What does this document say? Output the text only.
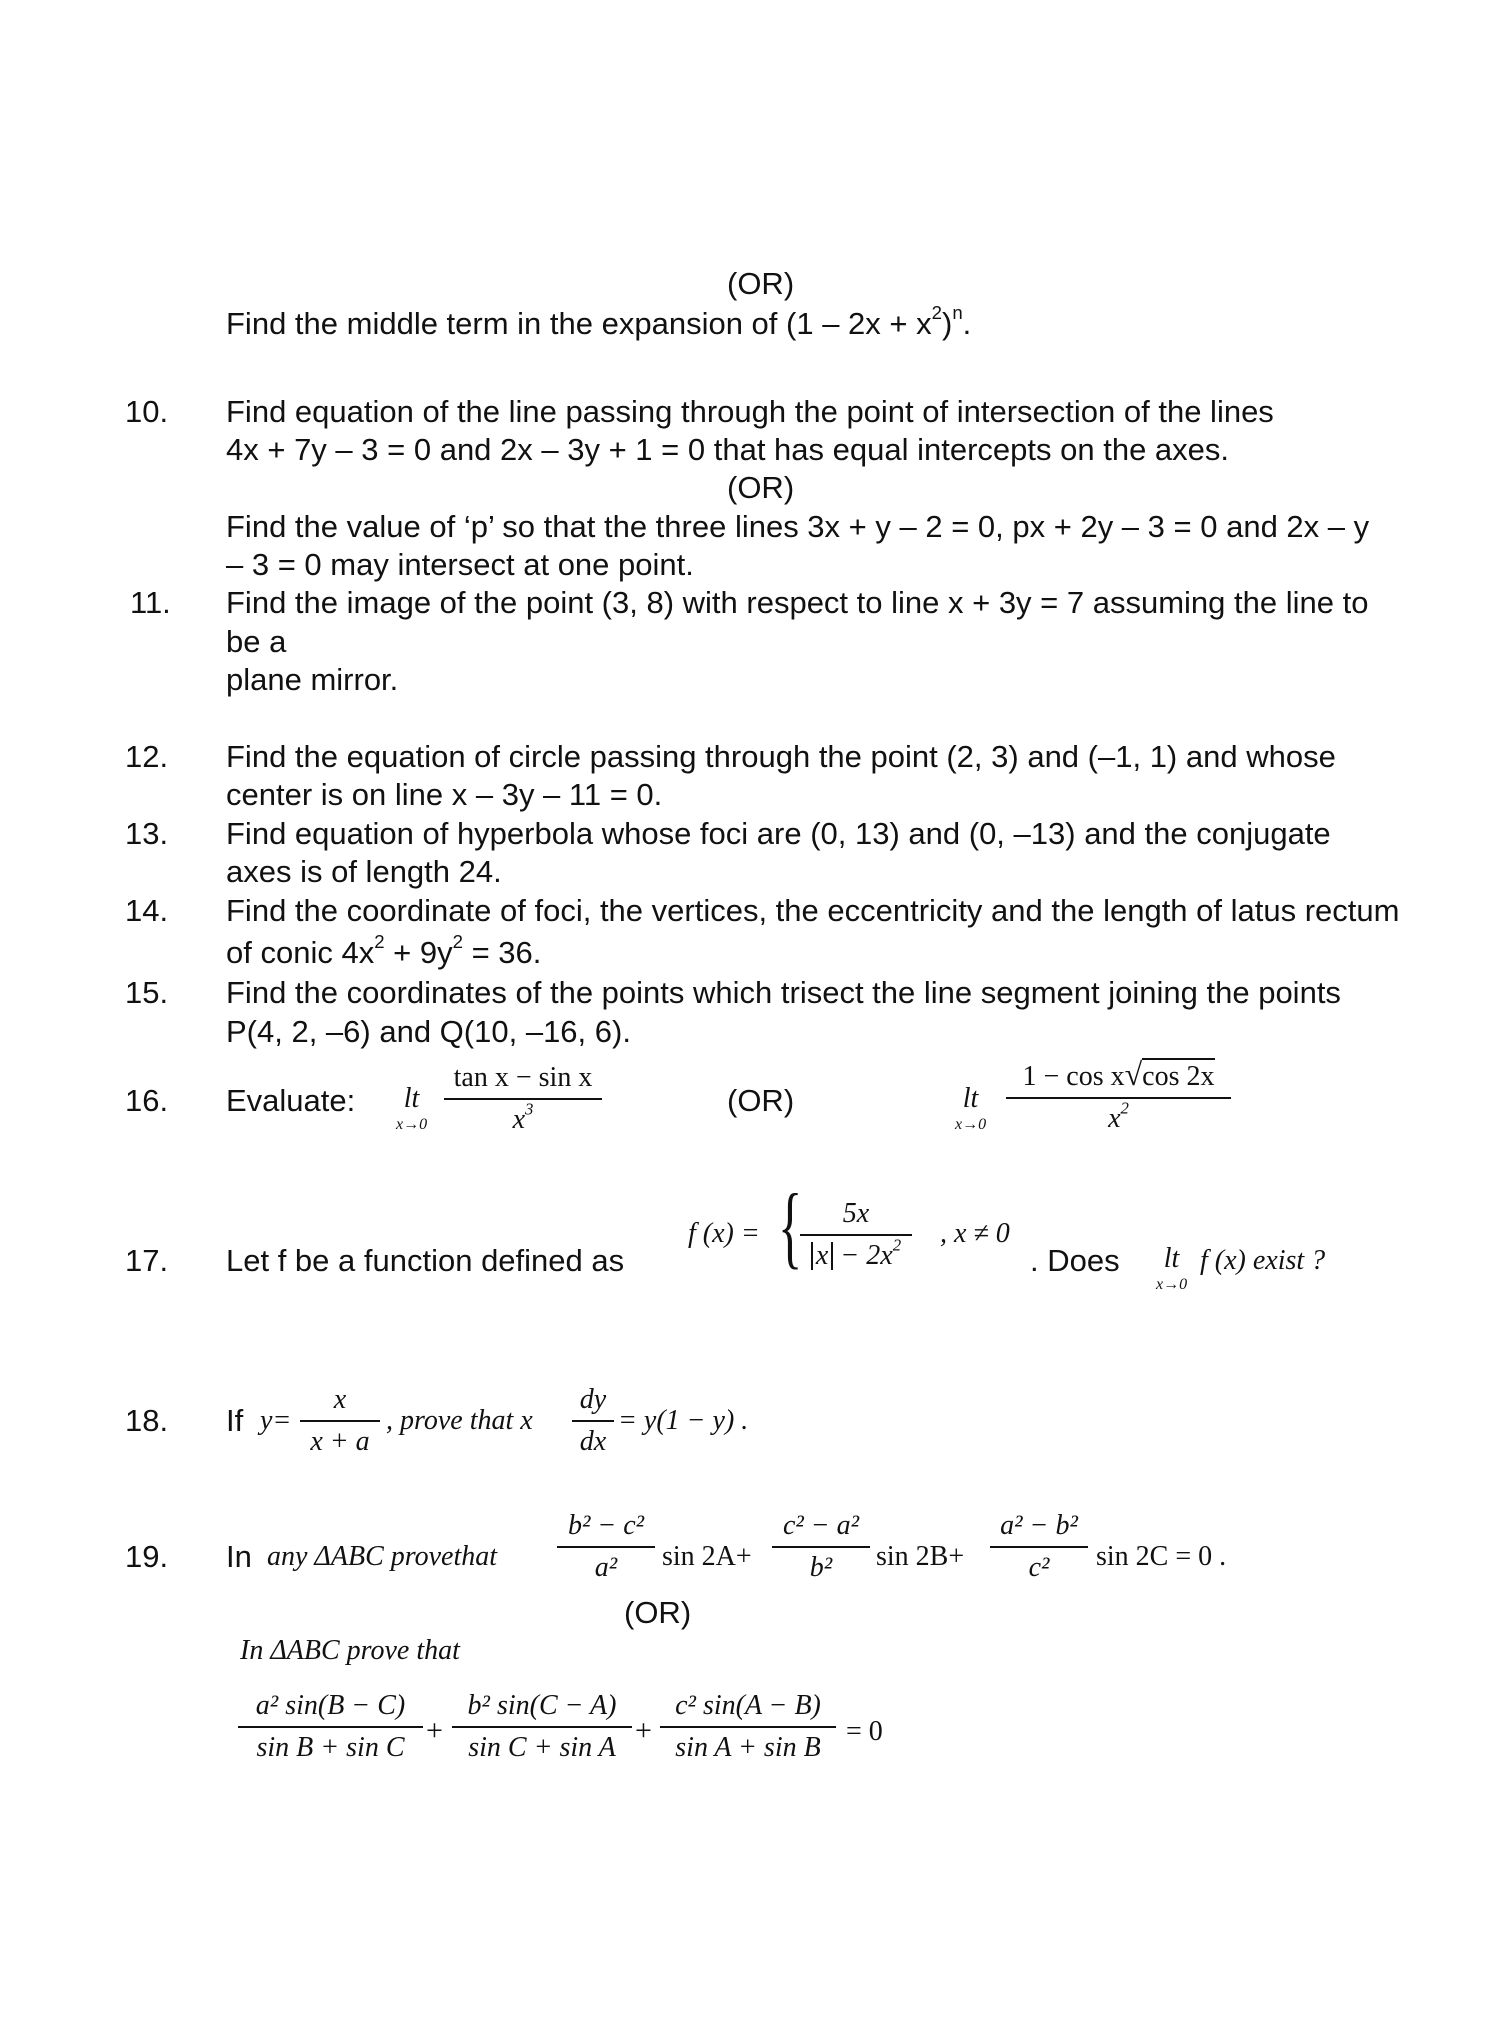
(OR)
Find the middle term in the expansion of $(1 - 2x + x^2)^n$.
10. Find equation of the line passing through the point of intersection of the lines
4x + 7y – 3 = 0 and 2x – 3y + 1 = 0 that has equal intercepts on the axes.
(OR)
Find the value of ‘p’ so that the three lines 3x + y – 2 = 0, px + 2y – 3 = 0 and 2x – y
– 3 = 0 may intersect at one point.
11. Find the image of the point (3, 8) with respect to line x + 3y = 7 assuming the line to
be a
plane mirror.
12. Find the equation of circle passing through the point (2, 3) and (–1, 1) and whose
center is on line x – 3y – 11 = 0.
13. Find equation of hyperbola whose foci are (0, 13) and (0, –13) and the conjugate
axes is of length 24.
14. Find the coordinate of foci, the vertices, the eccentricity and the length of latus rectum
of conic $4x^2 + 9y^2 = 36$.
15. Find the coordinates of the points which trisect the line segment joining the points
P(4, 2, –6) and Q(10, –16, 6).
16. Evaluate: lt
x→0
tan x − sin x
$x^3$	(OR)	lt
x→0
1 − cos x√cos 2x
$x^2$
17. Let f be a function defined as
f (x) = {	5x
$x - 2x^2$	, x ≠ 0
. Does lt
x→0
f (x) exist ?
18. If y=
x
x + a
, prove that x
dy
dx
= y(1 − y) .
19. In any ΔABC provethat
b² − c²
a²	sin 2A+
c² − a²
b²	sin 2B+
a² − b²
c²	sin 2C = 0 .
(OR)
In ΔABC prove that
a² sin(B − C)
sin B + sin C
+
b² sin(C − A)
sin C + sin A
+
c² sin(A − B)
sin A + sin B
= 0
